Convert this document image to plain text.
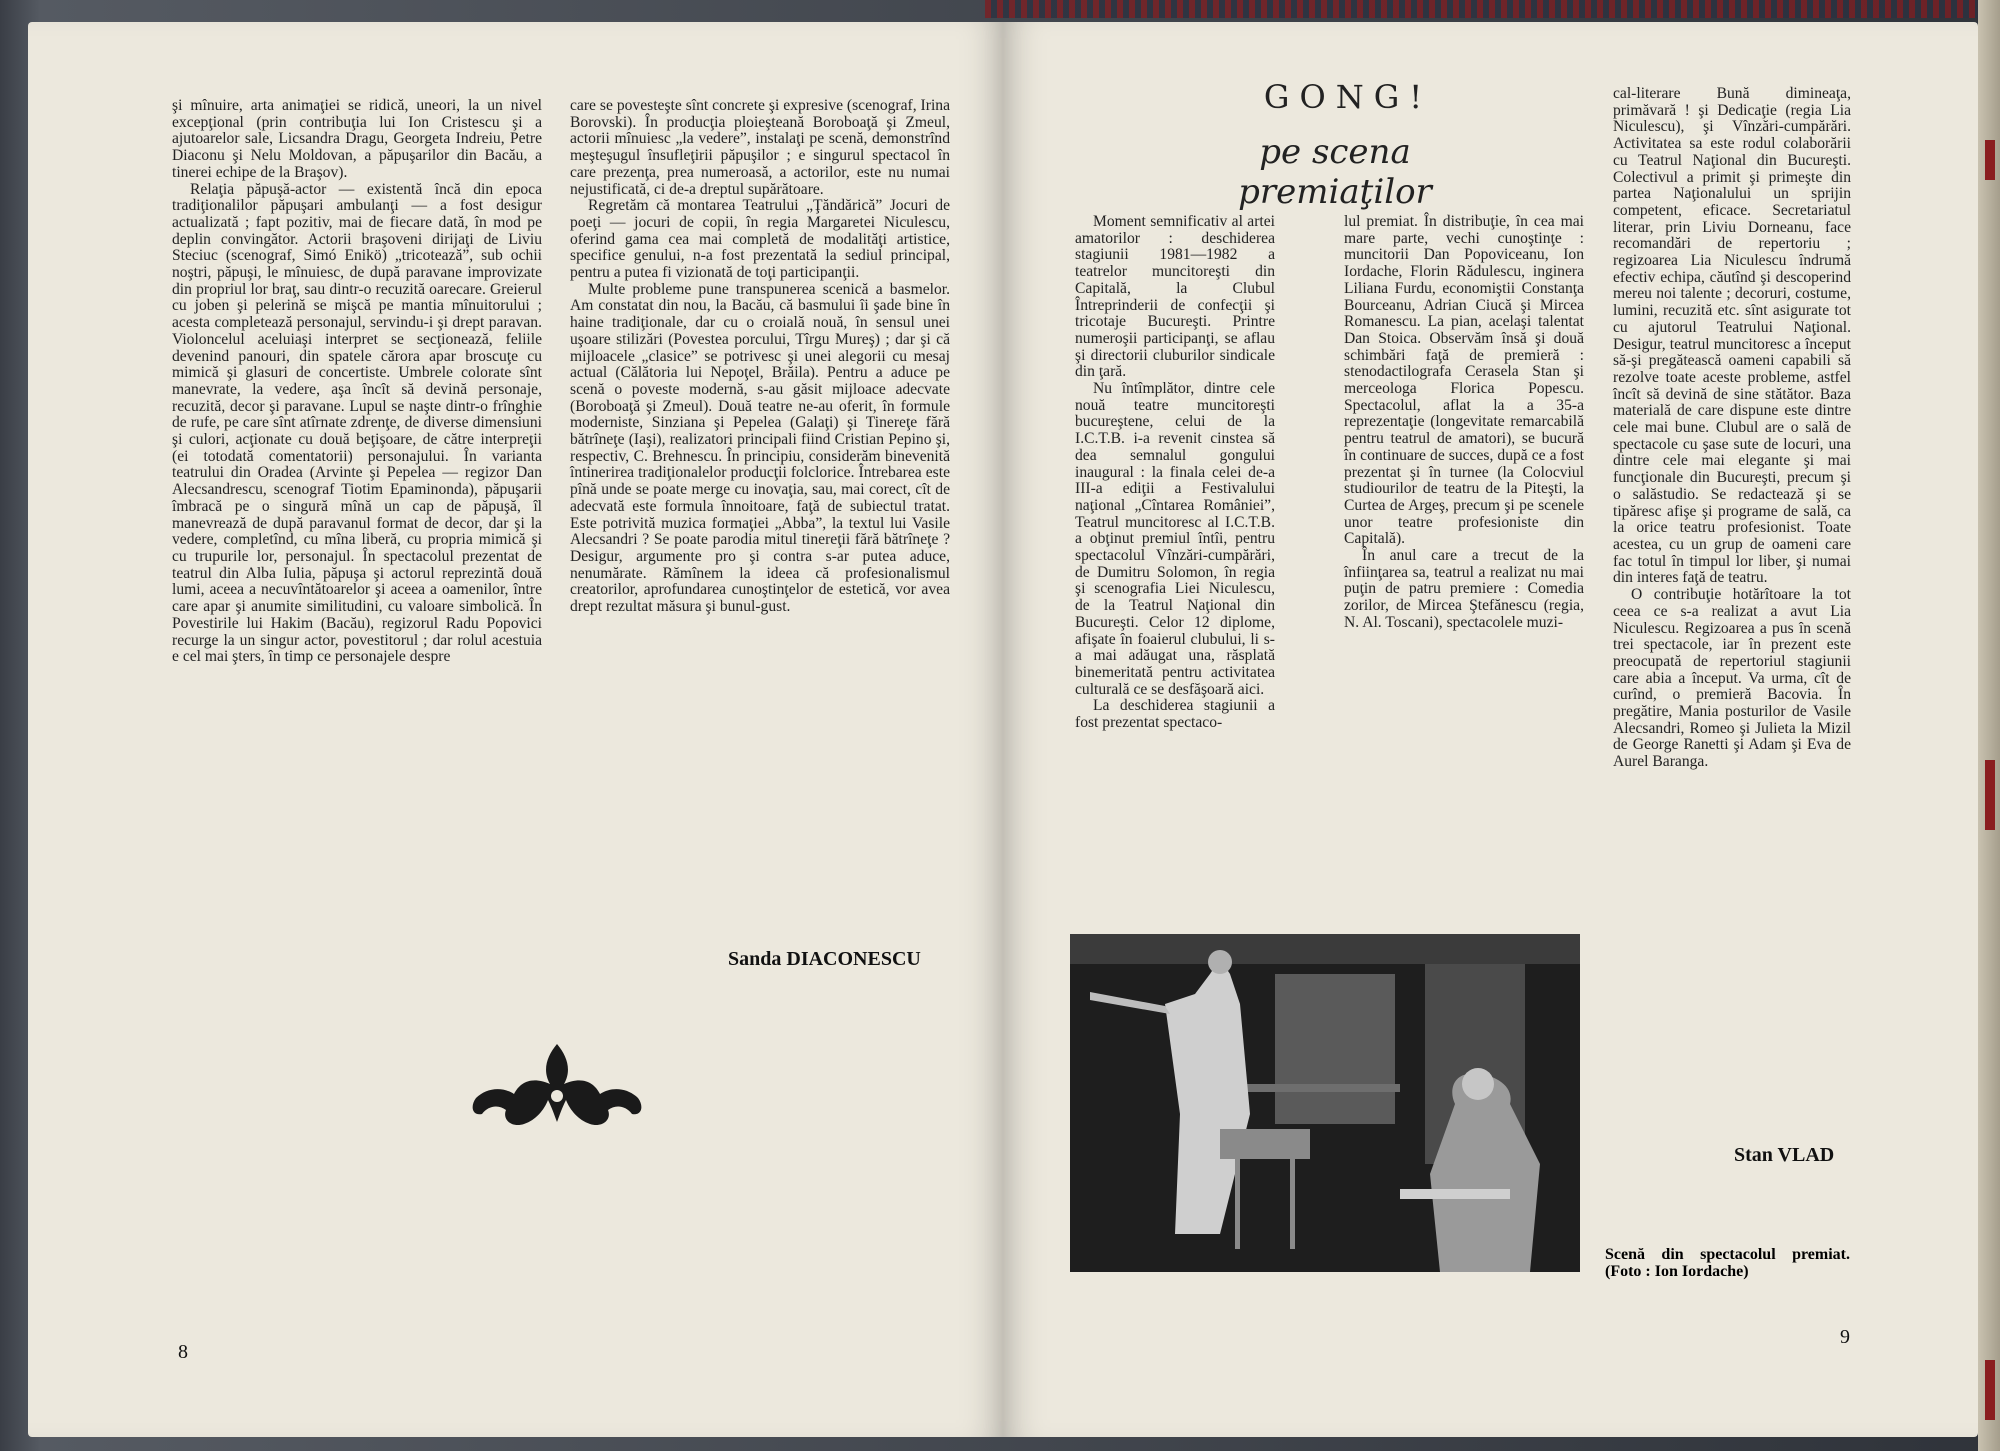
şi mînuire, arta animaţiei se ridică, uneori, la un nivel excepţional (prin contribuţia lui Ion Cristescu şi a ajutoarelor sale, Licsandra Dragu, Georgeta Indreiu, Petre Diaconu şi Nelu Moldovan, a păpuşarilor din Bacău, a tinerei echipe de la Braşov).

Relaţia păpuşă-actor — existentă încă din epoca tradiţionalilor păpuşari ambulanţi — a fost desigur actualizată ; fapt pozitiv, mai de fiecare dată, în mod pe deplin convingător. Actorii braşoveni dirijaţi de Liviu Steciuc (scenograf, Simó Enikö) „tricotează”, sub ochii noştri, păpuşi, le mînuiesc, de după paravane improvizate din propriul lor braţ, sau dintr-o recuzită oarecare. Greierul cu joben şi pelerină se mişcă pe mantia mînuitorului ; acesta completează personajul, servindu-i şi drept paravan. Violoncelul aceluiaşi interpret se secţionează, feliile devenind panouri, din spatele cărora apar broscuţe cu mimică şi glasuri de concertiste. Umbrele colorate sînt manevrate, la vedere, aşa încît să devină personaje, recuzită, decor şi paravane. Lupul se naşte dintr-o frînghie de rufe, pe care sînt atîrnate zdrenţe, de diverse dimensiuni şi culori, acţionate cu două beţişoare, de către interpreţii (ei totodată comentatorii) personajului. În varianta teatrului din Oradea (Arvinte şi Pepelea — regizor Dan Alecsandrescu, scenograf Tiotim Epaminonda), păpuşarii îmbracă pe o singură mînă un cap de păpuşă, îl manevrează de după paravanul format de decor, dar şi la vedere, completînd, cu mîna liberă, cu propria mimică şi cu trupurile lor, personajul. În spectacolul prezentat de teatrul din Alba Iulia, păpuşa şi actorul reprezintă două lumi, aceea a necuvîntătoarelor şi aceea a oamenilor, între care apar şi anumite similitudini, cu valoare simbolică. În Povestirile lui Hakim (Bacău), regizorul Radu Popovici recurge la un singur actor, povestitorul ; dar rolul acestuia e cel mai şters, în timp ce personajele despre

care se povesteşte sînt concrete şi expresive (scenograf, Irina Borovski). În producţia ploieşteană Boroboaţă şi Zmeul, actorii mînuiesc „la vedere”, instalaţi pe scenă, demonstrînd meşteşugul însufleţirii păpuşilor ; e singurul spectacol în care prezenţa, prea numeroasă, a actorilor, este nu numai nejustificată, ci de-a dreptul supărătoare.

Regretăm că montarea Teatrului „Ţăndărică” Jocuri de poeţi — jocuri de copii, în regia Margaretei Niculescu, oferind gama cea mai completă de modalităţi artistice, specifice genului, n-a fost prezentată la sediul principal, pentru a putea fi vizionată de toţi participanţii.

Multe probleme pune transpunerea scenică a basmelor. Am constatat din nou, la Bacău, că basmului îi şade bine în haine tradiţionale, dar cu o croială nouă, în sensul unei uşoare stilizări (Povestea porcului, Tîrgu Mureş) ; dar şi că mijloacele „clasice” se potrivesc şi unei alegorii cu mesaj actual (Călătoria lui Nepoţel, Brăila). Pentru a aduce pe scenă o poveste modernă, s-au găsit mijloace adecvate (Boroboaţă şi Zmeul). Două teatre ne-au oferit, în formule moderniste, Sinziana şi Pepelea (Galaţi) şi Tinereţe fără bătrîneţe (Iaşi), realizatori principali fiind Cristian Pepino şi, respectiv, C. Brehnescu. În principiu, considerăm binevenită întinerirea tradiţionalelor producţii folclorice. Întrebarea este pînă unde se poate merge cu inovaţia, sau, mai corect, cît de adecvată este formula înnoitoare, faţă de subiectul tratat. Este potrivită muzica formaţiei „Abba”, la textul lui Vasile Alecsandri ? Se poate parodia mitul tinereţii fără bătrîneţe ? Desigur, argumente pro şi contra s-ar putea aduce, nenumărate. Rămînem la ideea că profesionalismul creatorilor, aprofundarea cunoştinţelor de estetică, vor avea drept rezultat măsura şi bunul-gust.

Sanda DIACONESCU
8
GONG!
pe scena premiaţilor

Moment semnificativ al artei amatorilor : deschiderea stagiunii 1981—1982 a teatrelor muncitoreşti din Capitală, la Clubul Întreprinderii de confecţii şi tricotaje Bucureşti. Printre numeroşii participanţi, se aflau şi directorii cluburilor sindicale din ţară.

Nu întîmplător, dintre cele nouă teatre muncitoreşti bucureştene, celui de la I.C.T.B. i-a revenit cinstea să dea semnalul gongului inaugural : la finala celei de-a III-a ediţii a Festivalului naţional „Cîntarea României”, Teatrul muncitoresc al I.C.T.B. a obţinut premiul întîi, pentru spectacolul Vînzări-cumpărări, de Dumitru Solomon, în regia şi scenografia Liei Niculescu, de la Teatrul Naţional din Bucureşti. Celor 12 diplome, afişate în foaierul clubului, li s-a mai adăugat una, răsplată binemeritată pentru activitatea culturală ce se desfăşoară aici.

La deschiderea stagiunii a fost prezentat spectaco-

lul premiat. În distribuţie, în cea mai mare parte, vechi cunoştinţe : muncitorii Dan Popoviceanu, Ion Iordache, Florin Rădulescu, inginera Liliana Furdu, economiştii Constanţa Bourceanu, Adrian Ciucă şi Mircea Romanescu. La pian, acelaşi talentat Dan Stoica. Observăm însă şi două schimbări faţă de premieră : stenodactilografa Cerasela Stan şi merceologa Florica Popescu. Spectacolul, aflat la a 35-a reprezentaţie (longevitate remarcabilă pentru teatrul de amatori), se bucură în continuare de succes, după ce a fost prezentat şi în turnee (la Colocviul studiourilor de teatru de la Piteşti, la Curtea de Argeş, precum şi pe scenele unor teatre profesioniste din Capitală).

În anul care a trecut de la înfiinţarea sa, teatrul a realizat nu mai puţin de patru premiere : Comedia zorilor, de Mircea Ştefănescu (regia, N. Al. Toscani), spectacolele muzi-

cal-literare Bună dimineaţa, primăvară ! şi Dedicaţie (regia Lia Niculescu), şi Vînzări-cumpărări. Activitatea sa este rodul colaborării cu Teatrul Naţional din Bucureşti. Colectivul a primit şi primeşte din partea Naţionalului un sprijin competent, eficace. Secretariatul literar, prin Liviu Dorneanu, face recomandări de repertoriu ; regizoarea Lia Niculescu îndrumă efectiv echipa, căutînd şi descoperind mereu noi talente ; decoruri, costume, lumini, recuzită etc. sînt asigurate tot cu ajutorul Teatrului Naţional. Desigur, teatrul muncitoresc a început să-şi pregătească oameni capabili să rezolve toate aceste probleme, astfel încît să devină de sine stătător. Baza materială de care dispune este dintre cele mai bune. Clubul are o sală de spectacole cu şase sute de locuri, una dintre cele mai elegante şi mai funcţionale din Bucureşti, precum şi o salăstudio. Se redactează şi se tipăresc afişe şi programe de sală, ca la orice teatru profesionist. Toate acestea, cu un grup de oameni care fac totul în timpul lor liber, şi numai din interes faţă de teatru.

O contribuţie hotărîtoare la tot ceea ce s-a realizat a avut Lia Niculescu. Regizoarea a pus în scenă trei spectacole, iar în prezent este preocupată de repertoriul stagiunii care abia a început. Va urma, cît de curînd, o premieră Bacovia. În pregătire, Mania posturilor de Vasile Alecsandri, Romeo şi Julieta la Mizil de George Ranetti şi Adam şi Eva de Aurel Baranga.

Stan VLAD
Scenă din spectacolul premiat. (Foto : Ion Iordache)
9
